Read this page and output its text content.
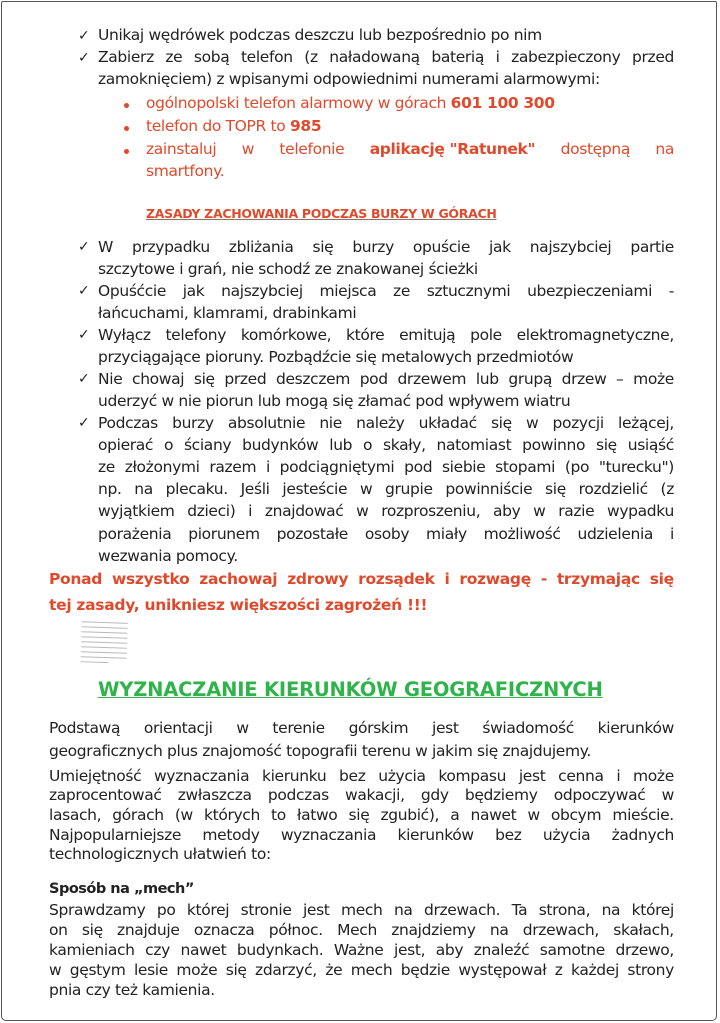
✓ Unikaj wędrówek podczas deszczu lub bezpośrednio po nim
✓ Zabierz ze sobą telefon (z naładowaną baterią i zabezpieczony przed
zamoknięciem) z wpisanymi odpowiednimi numerami alarmowymi:
ogólnopolski telefon alarmowy w górach 601 100 300
telefon do TOPR to 985
zainstaluj w telefonie aplikację "Ratunek" dostępną na
smartfony.
ZASADY ZACHOWANIA PODCZAS BURZY W GÓRACH
✓ W przypadku zbliżania się burzy opuście jak najszybciej partie
szczytowe i grań, nie schodź ze znakowanej ścieżki
✓ Opuśćcie jak najszybciej miejsca ze sztucznymi ubezpieczeniami -
łańcuchami, klamrami, drabinkami
✓ Wyłącz telefony komórkowe, które emitują pole elektromagnetyczne,
przyciągające pioruny. Pozbądźcie się metalowych przedmiotów
✓ Nie chowaj się przed deszczem pod drzewem lub grupą drzew – może
uderzyć w nie piorun lub mogą się złamać pod wpływem wiatru
✓ Podczas burzy absolutnie nie należy układać się w pozycji leżącej,
opierać o ściany budynków lub o skały, natomiast powinno się usiąść
ze złożonymi razem i podciągniętymi pod siebie stopami (po "turecku")
np. na plecaku. Jeśli jesteście w grupie powinniście się rozdzielić (z
wyjątkiem dzieci) i znajdować w rozproszeniu, aby w razie wypadku
porażenia piorunem pozostałe osoby miały możliwość udzielenia i
wezwania pomocy.
Ponad wszystko zachowaj zdrowy rozsądek i rozwagę - trzymając się
tej zasady, unikniesz większości zagrożeń !!!
WYZNACZANIE KIERUNKÓW GEOGRAFICZNYCH
Podstawą orientacji w terenie górskim jest świadomość kierunków
geograficznych plus znajomość topografii terenu w jakim się znajdujemy.
Umiejętność wyznaczania kierunku bez użycia kompasu jest cenna i może
zaprocentować zwłaszcza podczas wakacji, gdy będziemy odpoczywać w
lasach, górach (w których to łatwo się zgubić), a nawet w obcym mieście.
Najpopularniejsze metody wyznaczania kierunków bez użycia żadnych
technologicznych ułatwień to:
Sposób na „mech”
Sprawdzamy po której stronie jest mech na drzewach. Ta strona, na której
on się znajduje oznacza północ. Mech znajdziemy na drzewach, skałach,
kamieniach czy nawet budynkach. Ważne jest, aby znaleźć samotne drzewo,
w gęstym lesie może się zdarzyć, że mech będzie występował z każdej strony
pnia czy też kamienia.
